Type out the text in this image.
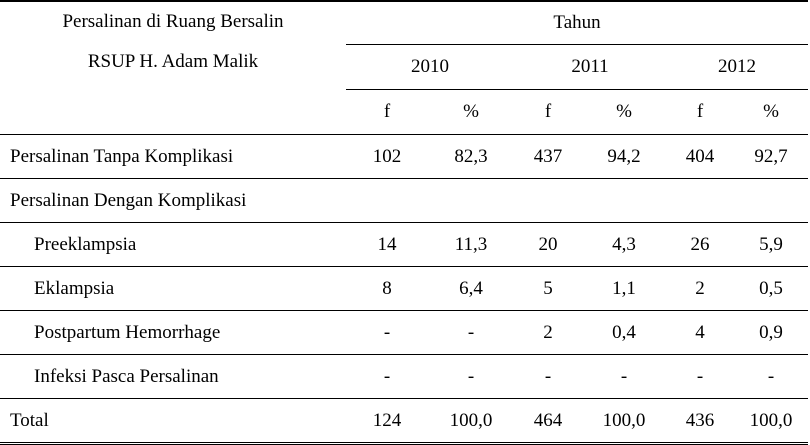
Persalinan di Ruang Bersalin
RSUP H. Adam Malik	Tahun					
	2010		2011		2012	
	f	%	f	%	f	%
Persalinan Tanpa Komplikasi	102	82,3	437	94,2	404	92,7
Persalinan Dengan Komplikasi						
Preeklampsia	14	11,3	20	4,3	26	5,9
Eklampsia	8	6,4	5	1,1	2	0,5
Postpartum Hemorrhage	-	-	2	0,4	4	0,9
Infeksi Pasca Persalinan	-	-	-	-	-	-
Total	124	100,0	464	100,0	436	100,0
